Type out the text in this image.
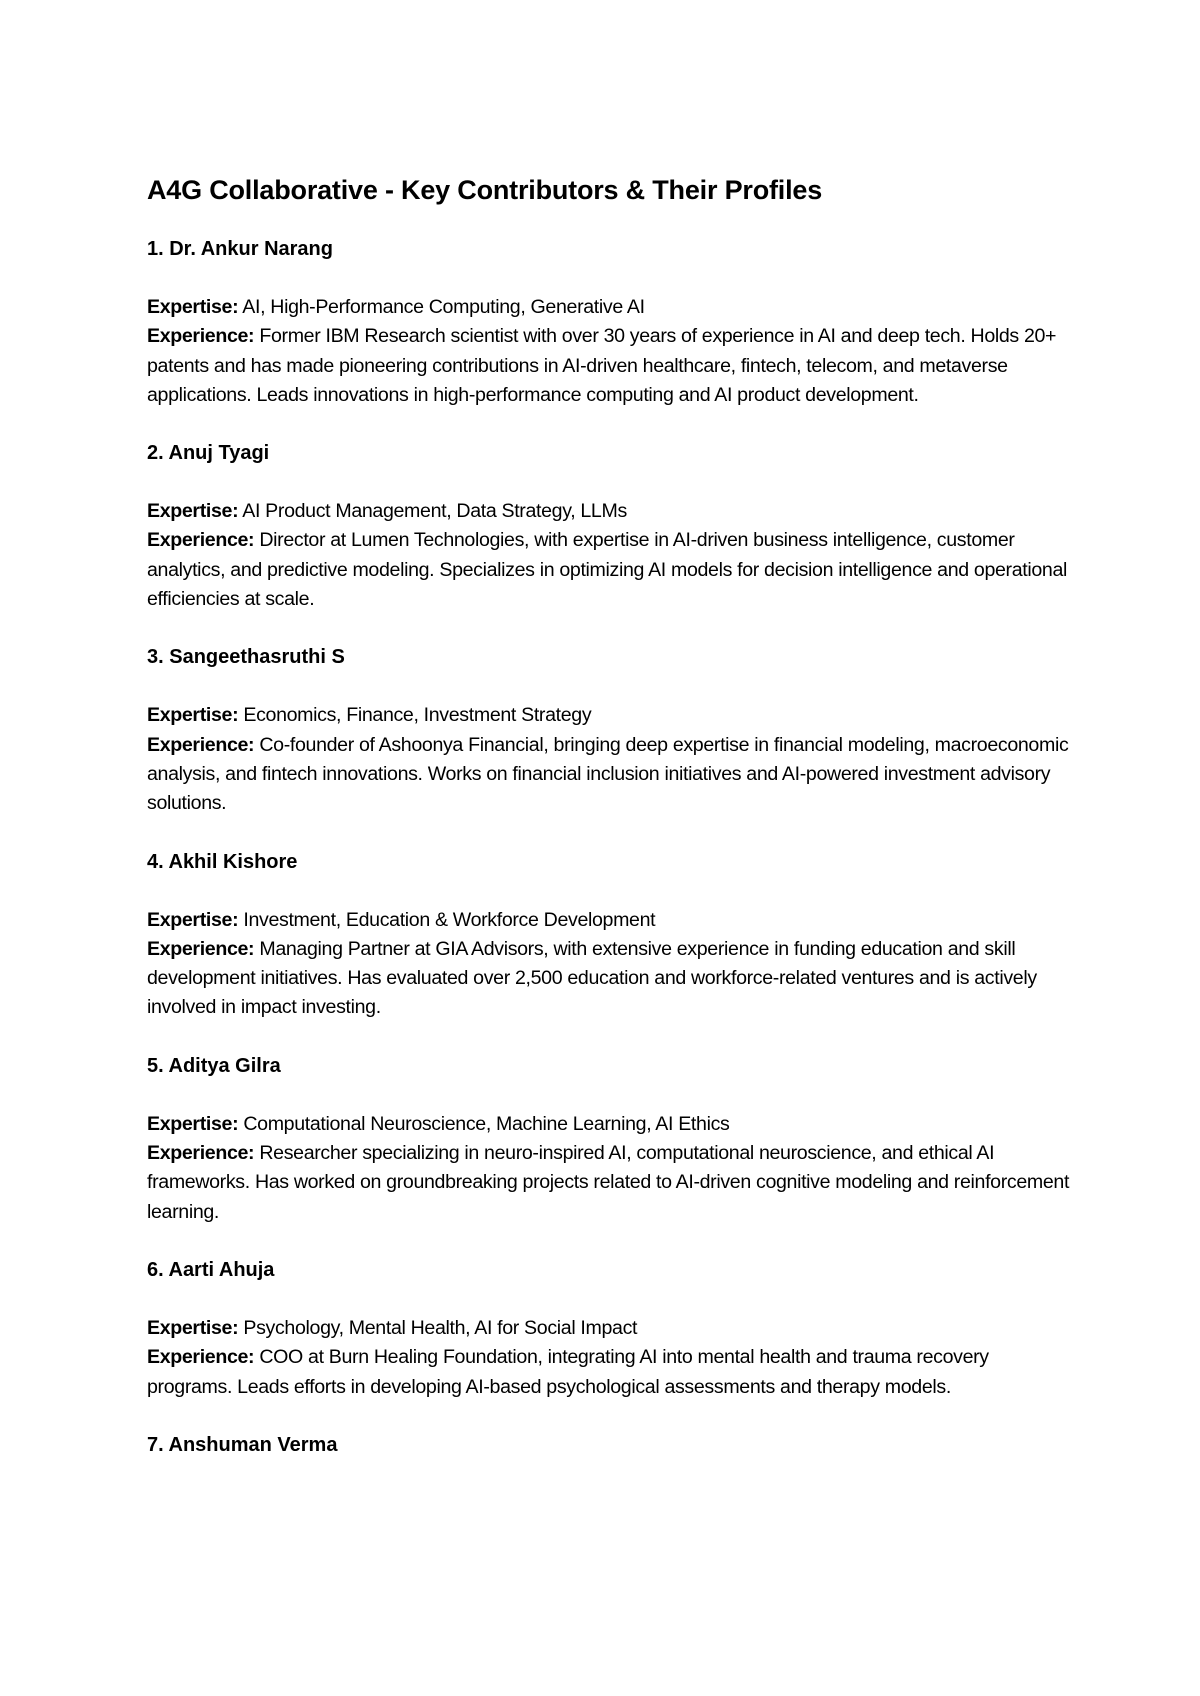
A4G Collaborative - Key Contributors & Their Profiles
1. Dr. Ankur Narang

Expertise: AI, High-Performance Computing, Generative AI

Experience: Former IBM Research scientist with over 30 years of experience in AI and deep tech. Holds 20+ patents and has made pioneering contributions in AI-driven healthcare, fintech, telecom, and metaverse applications. Leads innovations in high-performance computing and AI product development.

2. Anuj Tyagi

Expertise: AI Product Management, Data Strategy, LLMs

Experience: Director at Lumen Technologies, with expertise in AI-driven business intelligence, customer analytics, and predictive modeling. Specializes in optimizing AI models for decision intelligence and operational efficiencies at scale.

3. Sangeethasruthi S

Expertise: Economics, Finance, Investment Strategy

Experience: Co-founder of Ashoonya Financial, bringing deep expertise in financial modeling, macroeconomic analysis, and fintech innovations. Works on financial inclusion initiatives and AI-powered investment advisory solutions.

4. Akhil Kishore

Expertise: Investment, Education & Workforce Development

Experience: Managing Partner at GIA Advisors, with extensive experience in funding education and skill development initiatives. Has evaluated over 2,500 education and workforce-related ventures and is actively involved in impact investing.

5. Aditya Gilra

Expertise: Computational Neuroscience, Machine Learning, AI Ethics

Experience: Researcher specializing in neuro-inspired AI, computational neuroscience, and ethical AI frameworks. Has worked on groundbreaking projects related to AI-driven cognitive modeling and reinforcement learning.

6. Aarti Ahuja

Expertise: Psychology, Mental Health, AI for Social Impact

Experience: COO at Burn Healing Foundation, integrating AI into mental health and trauma recovery programs. Leads efforts in developing AI-based psychological assessments and therapy models.

7. Anshuman Verma
